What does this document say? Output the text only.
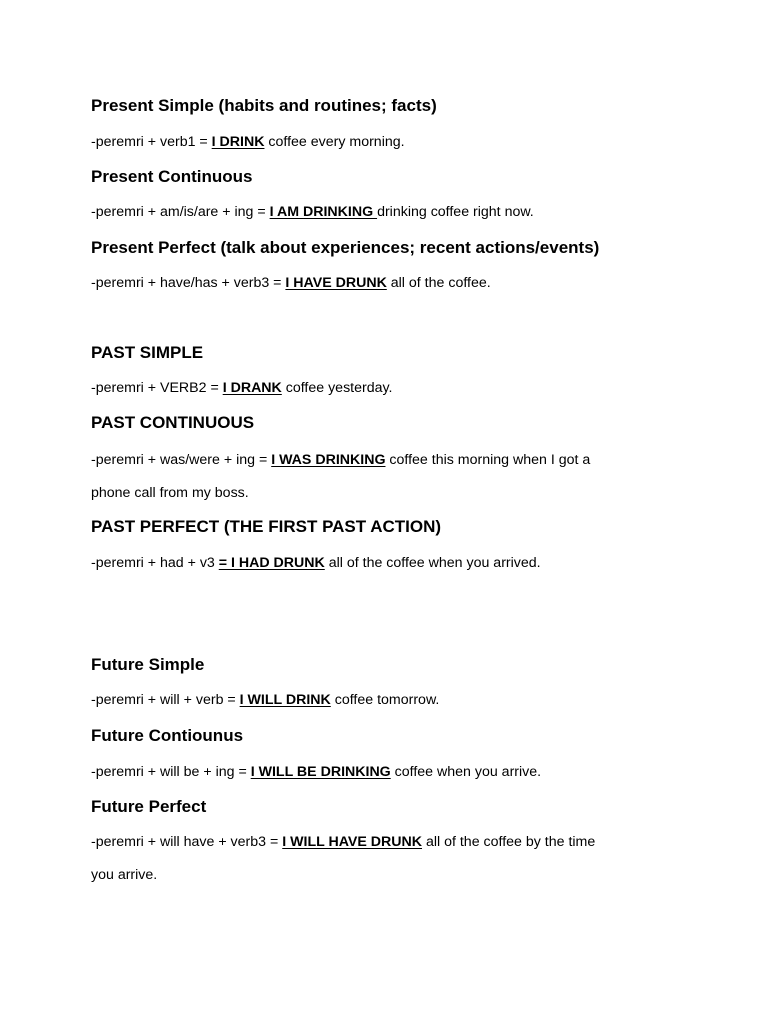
Present Simple (habits and routines; facts)
-peremri + verb1 = I DRINK coffee every morning.
Present Continuous
-peremri + am/is/are + ing = I AM DRINKING drinking coffee right now.
Present Perfect (talk about experiences; recent actions/events)
-peremri + have/has + verb3 = I HAVE DRUNK all of the coffee.
PAST SIMPLE
-peremri + VERB2 = I DRANK coffee yesterday.
PAST CONTINUOUS
-peremri + was/were + ing = I WAS DRINKING coffee this morning when I got a
phone call from my boss.
PAST PERFECT (THE FIRST PAST ACTION)
-peremri + had + v3 = I HAD DRUNK all of the coffee when you arrived.
Future Simple
-peremri + will + verb = I WILL DRINK coffee tomorrow.
Future Contiounus
-peremri + will be + ing = I WILL BE DRINKING coffee when you arrive.
Future Perfect
-peremri + will have + verb3 = I WILL HAVE DRUNK all of the coffee by the time
you arrive.
